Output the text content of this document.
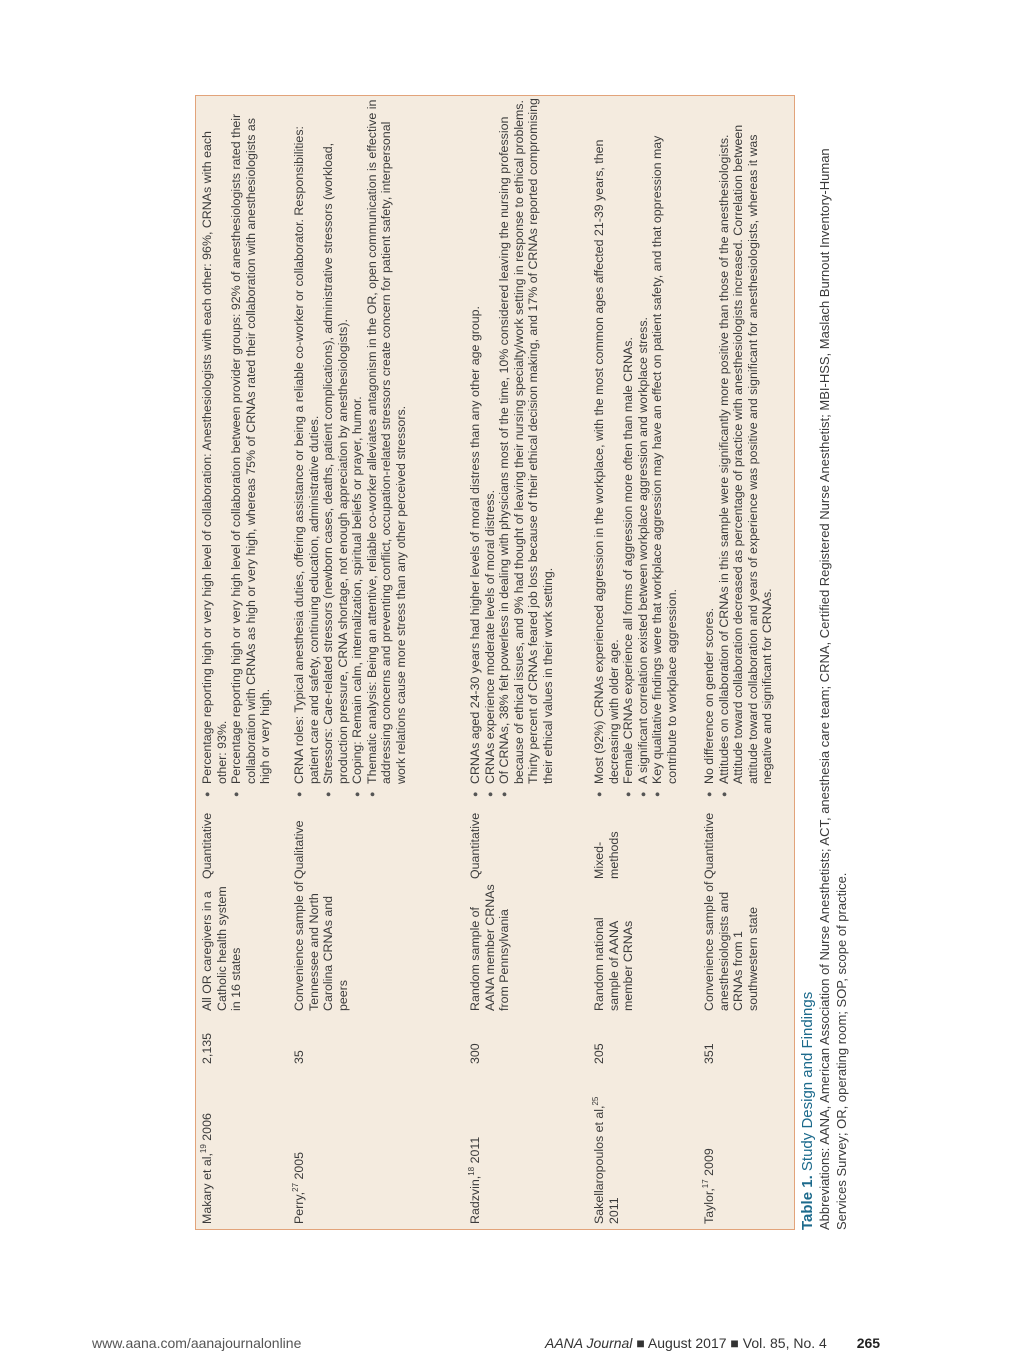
Makary et al,$^{19}$ 2006
2,135
All OR caregivers in a Catholic health system in 16 states
Quantitative
● Percentage reporting high or very high level of collaboration: Anesthesiologists with each other: 96%, CRNAs with each other: 93%. ● Percentage reporting high or very high level of collaboration between provider groups: 92% of anesthesiologists rated their collaboration with CRNAs as high or very high, whereas 75% of CRNAs rated their collaboration with anesthesiologists as high or very high.
Perry,$^{27}$ 2005
35
Convenience sample of Tennessee and North Carolina CRNAs and peers
Qualitative
● CRNA roles: Typical anesthesia duties, offering assistance or being a reliable co-worker or collaborator. Responsibilities: patient care and safety, continuing education, administrative duties. ● Stressors: Care-related stressors (newborn cases, deaths, patient complications), administrative stressors (workload, production pressure, CRNA shortage, not enough appreciation by anesthesiologists). ● Coping: Remain calm, internalization, spiritual beliefs or prayer, humor. ● Thematic analysis: Being an attentive, reliable co-worker alleviates antagonism in the OR, open communication is effective in addressing concerns and preventing conflict, occupation-related stressors create concern for patient safety, interpersonal work relations cause more stress than any other perceived stressors.
Radzvin,$^{18}$ 2011
300
Random sample of AANA member CRNAs from Pennsylvania
Quantitative
● CRNAs aged 24-30 years had higher levels of moral distress than any other age group. ● CRNAs experience moderate levels of moral distress. ● Of CRNAs, 38% felt powerless in dealing with physicians most of the time, 10% considered leaving the nursing profession because of ethical issues, and 9% had thought of leaving their nursing specialty/work setting in response to ethical problems. Thirty percent of CRNAs feared job loss because of their ethical decision making, and 17% of CRNAs reported compromising their ethical values in their work setting.
Sakellaropoulos et al,$^{25}$ 2011
205
Random national sample of AANA member CRNAs
Mixed-methods
● Most (92%) CRNAs experienced aggression in the workplace, with the most common ages affected 21-39 years, then decreasing with older age. ● Female CRNAs experience all forms of aggression more often than male CRNAs. ● A significant correlation existed between workplace aggression and workplace stress. ● Key qualitative findings were that workplace aggression may have an effect on patient safety, and that oppression may contribute to workplace aggression.
Taylor,$^{17}$ 2009
351
Convenience sample of anesthesiologists and CRNAs from 1 southwestern state
Quantitative
● No difference on gender scores. ● Attitudes on collaboration of CRNAs in this sample were significantly more positive than those of the anesthesiologists. Attitude toward collaboration decreased as percentage of practice with anesthesiologists increased. Correlation between attitude toward collaboration and years of experience was positive and significant for anesthesiologists, whereas it was negative and significant for CRNAs.
Table 1. Study Design and Findings Abbreviations: AANA, American Association of Nurse Anesthetists; ACT, anesthesia care team; CRNA, Certified Registered Nurse Anesthetist; MBI-HSS, Maslach Burnout Inventory-Human Services Survey; OR, operating room; SOP, scope of practice.
www.aana.com/aanajournalonline	AANA Journal ■ August 2017 ■ Vol. 85, No. 4 265
